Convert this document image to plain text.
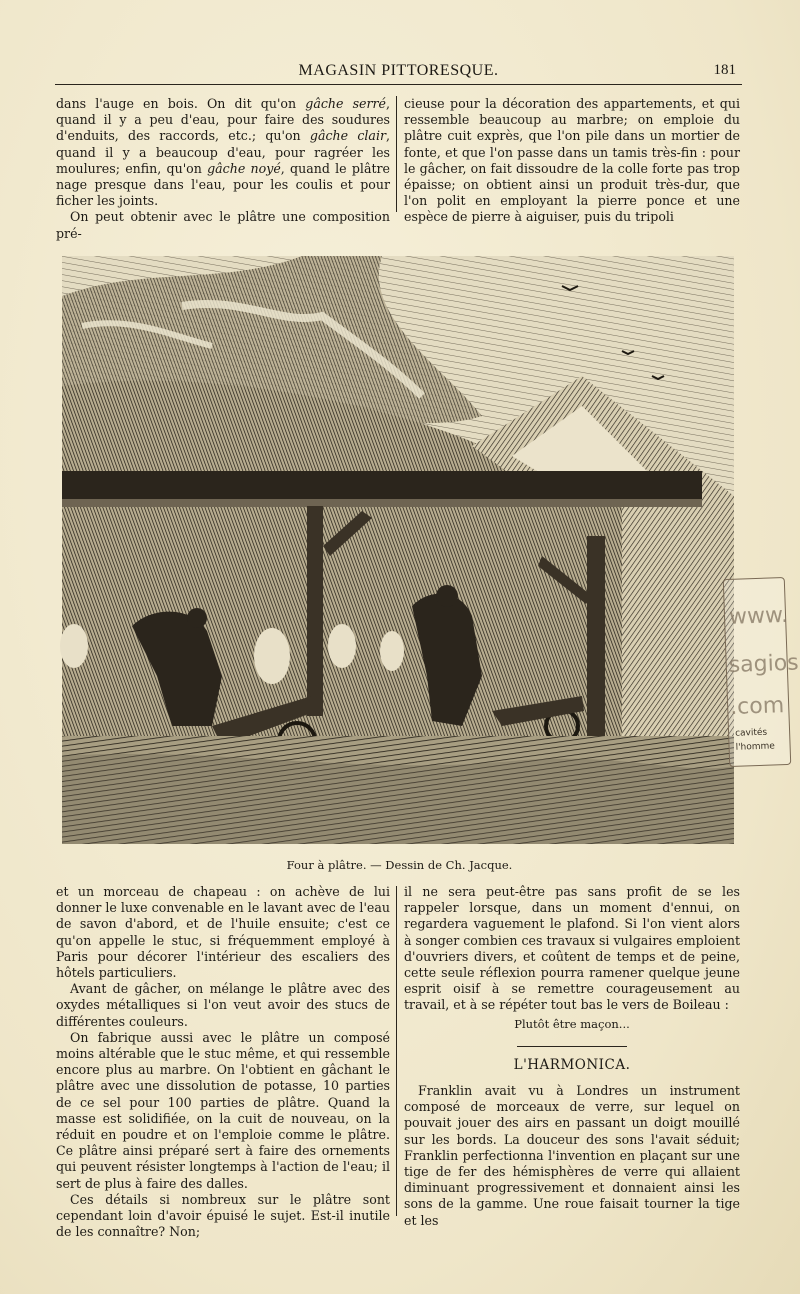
MAGASIN PITTORESQUE.	181

dans l'auge en bois. On dit qu'on gâche serré, quand il y a peu d'eau, pour faire des soudures d'enduits, des raccords, etc.; qu'on gâche clair, quand il y a beaucoup d'eau, pour ragréer les moulures; enfin, qu'on gâche noyé, quand le plâtre nage presque dans l'eau, pour les coulis et pour ficher les joints.

On peut obtenir avec le plâtre une composition pré-

cieuse pour la décoration des appartements, et qui ressemble beaucoup au marbre; on emploie du plâtre cuit exprès, que l'on pile dans un mortier de fonte, et que l'on passe dans un tamis très-fin : pour le gâcher, on fait dissoudre de la colle forte pas trop épaisse; on obtient ainsi un produit très-dur, que l'on polit en employant la pierre ponce et une espèce de pierre à aiguiser, puis du tripoli

Four à plâtre. — Dessin de Ch. Jacque.
www.
sagios
.com
cavités
l'homme

et un morceau de chapeau : on achève de lui donner le luxe convenable en le lavant avec de l'eau de savon d'abord, et de l'huile ensuite; c'est ce qu'on appelle le stuc, si fréquemment employé à Paris pour décorer l'intérieur des escaliers des hôtels particuliers.

Avant de gâcher, on mélange le plâtre avec des oxydes métalliques si l'on veut avoir des stucs de différentes couleurs.

On fabrique aussi avec le plâtre un composé moins altérable que le stuc même, et qui ressemble encore plus au marbre. On l'obtient en gâchant le plâtre avec une dissolution de potasse, 10 parties de ce sel pour 100 parties de plâtre. Quand la masse est solidifiée, on la cuit de nouveau, on la réduit en poudre et on l'emploie comme le plâtre. Ce plâtre ainsi préparé sert à faire des ornements qui peuvent résister longtemps à l'action de l'eau; il sert de plus à faire des dalles.

Ces détails si nombreux sur le plâtre sont cependant loin d'avoir épuisé le sujet. Est-il inutile de les connaître? Non;

il ne sera peut-être pas sans profit de se les rappeler lorsque, dans un moment d'ennui, on regardera vaguement le plafond. Si l'on vient alors à songer combien ces travaux si vulgaires emploient d'ouvriers divers, et coûtent de temps et de peine, cette seule réflexion pourra ramener quelque jeune esprit oisif à se remettre courageusement au travail, et à se répéter tout bas le vers de Boileau :

Plutôt être maçon...

L'HARMONICA.

Franklin avait vu à Londres un instrument composé de morceaux de verre, sur lequel on pouvait jouer des airs en passant un doigt mouillé sur les bords. La douceur des sons l'avait séduit; Franklin perfectionna l'invention en plaçant sur une tige de fer des hémisphères de verre qui allaient diminuant progressivement et donnaient ainsi les sons de la gamme. Une roue faisait tourner la tige et les
